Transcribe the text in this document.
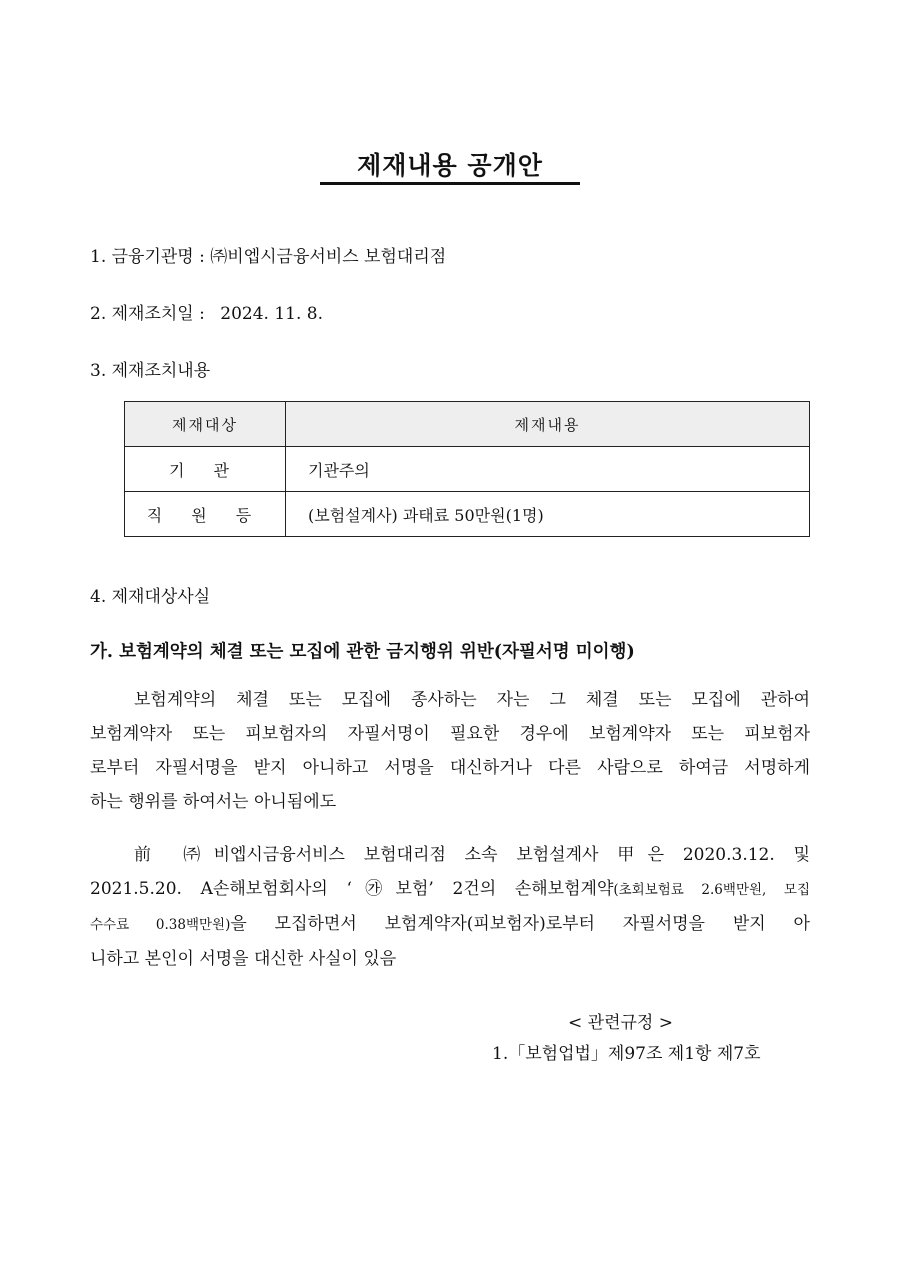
제재내용 공개안
1. 금융기관명 : ㈜비엡시금융서비스 보험대리점
2. 제재조치일 : 2024. 11. 8.
3. 제재조치내용
제재대상	제재내용
기 관	기관주의
직 원 등	(보험설계사) 과태료 50만원(1명)
4. 제재대상사실
가. 보험계약의 체결 또는 모집에 관한 금지행위 위반(자필서명 미이행)
보험계약의 체결 또는 모집에 종사하는 자는 그 체결 또는 모집에 관하여
보험계약자 또는 피보험자의 자필서명이 필요한 경우에 보험계약자 또는 피보험자
로부터 자필서명을 받지 아니하고 서명을 대신하거나 다른 사람으로 하여금 서명하게
하는 행위를 하여서는 아니됨에도
前 ㈜비엡시금융서비스 보험대리점 소속 보험설계사 甲은 2020.3.12. 및
2021.5.20. A손해보험회사의 ‘㉮보험’ 2건의 손해보험계약(초회보험료 2.6백만원, 모집
수수료 0.38백만원)을 모집하면서 보험계약자(피보험자)로부터 자필서명을 받지 아
니하고 본인이 서명을 대신한 사실이 있음
< 관련규정 >
1.「보험업법」제97조 제1항 제7호
